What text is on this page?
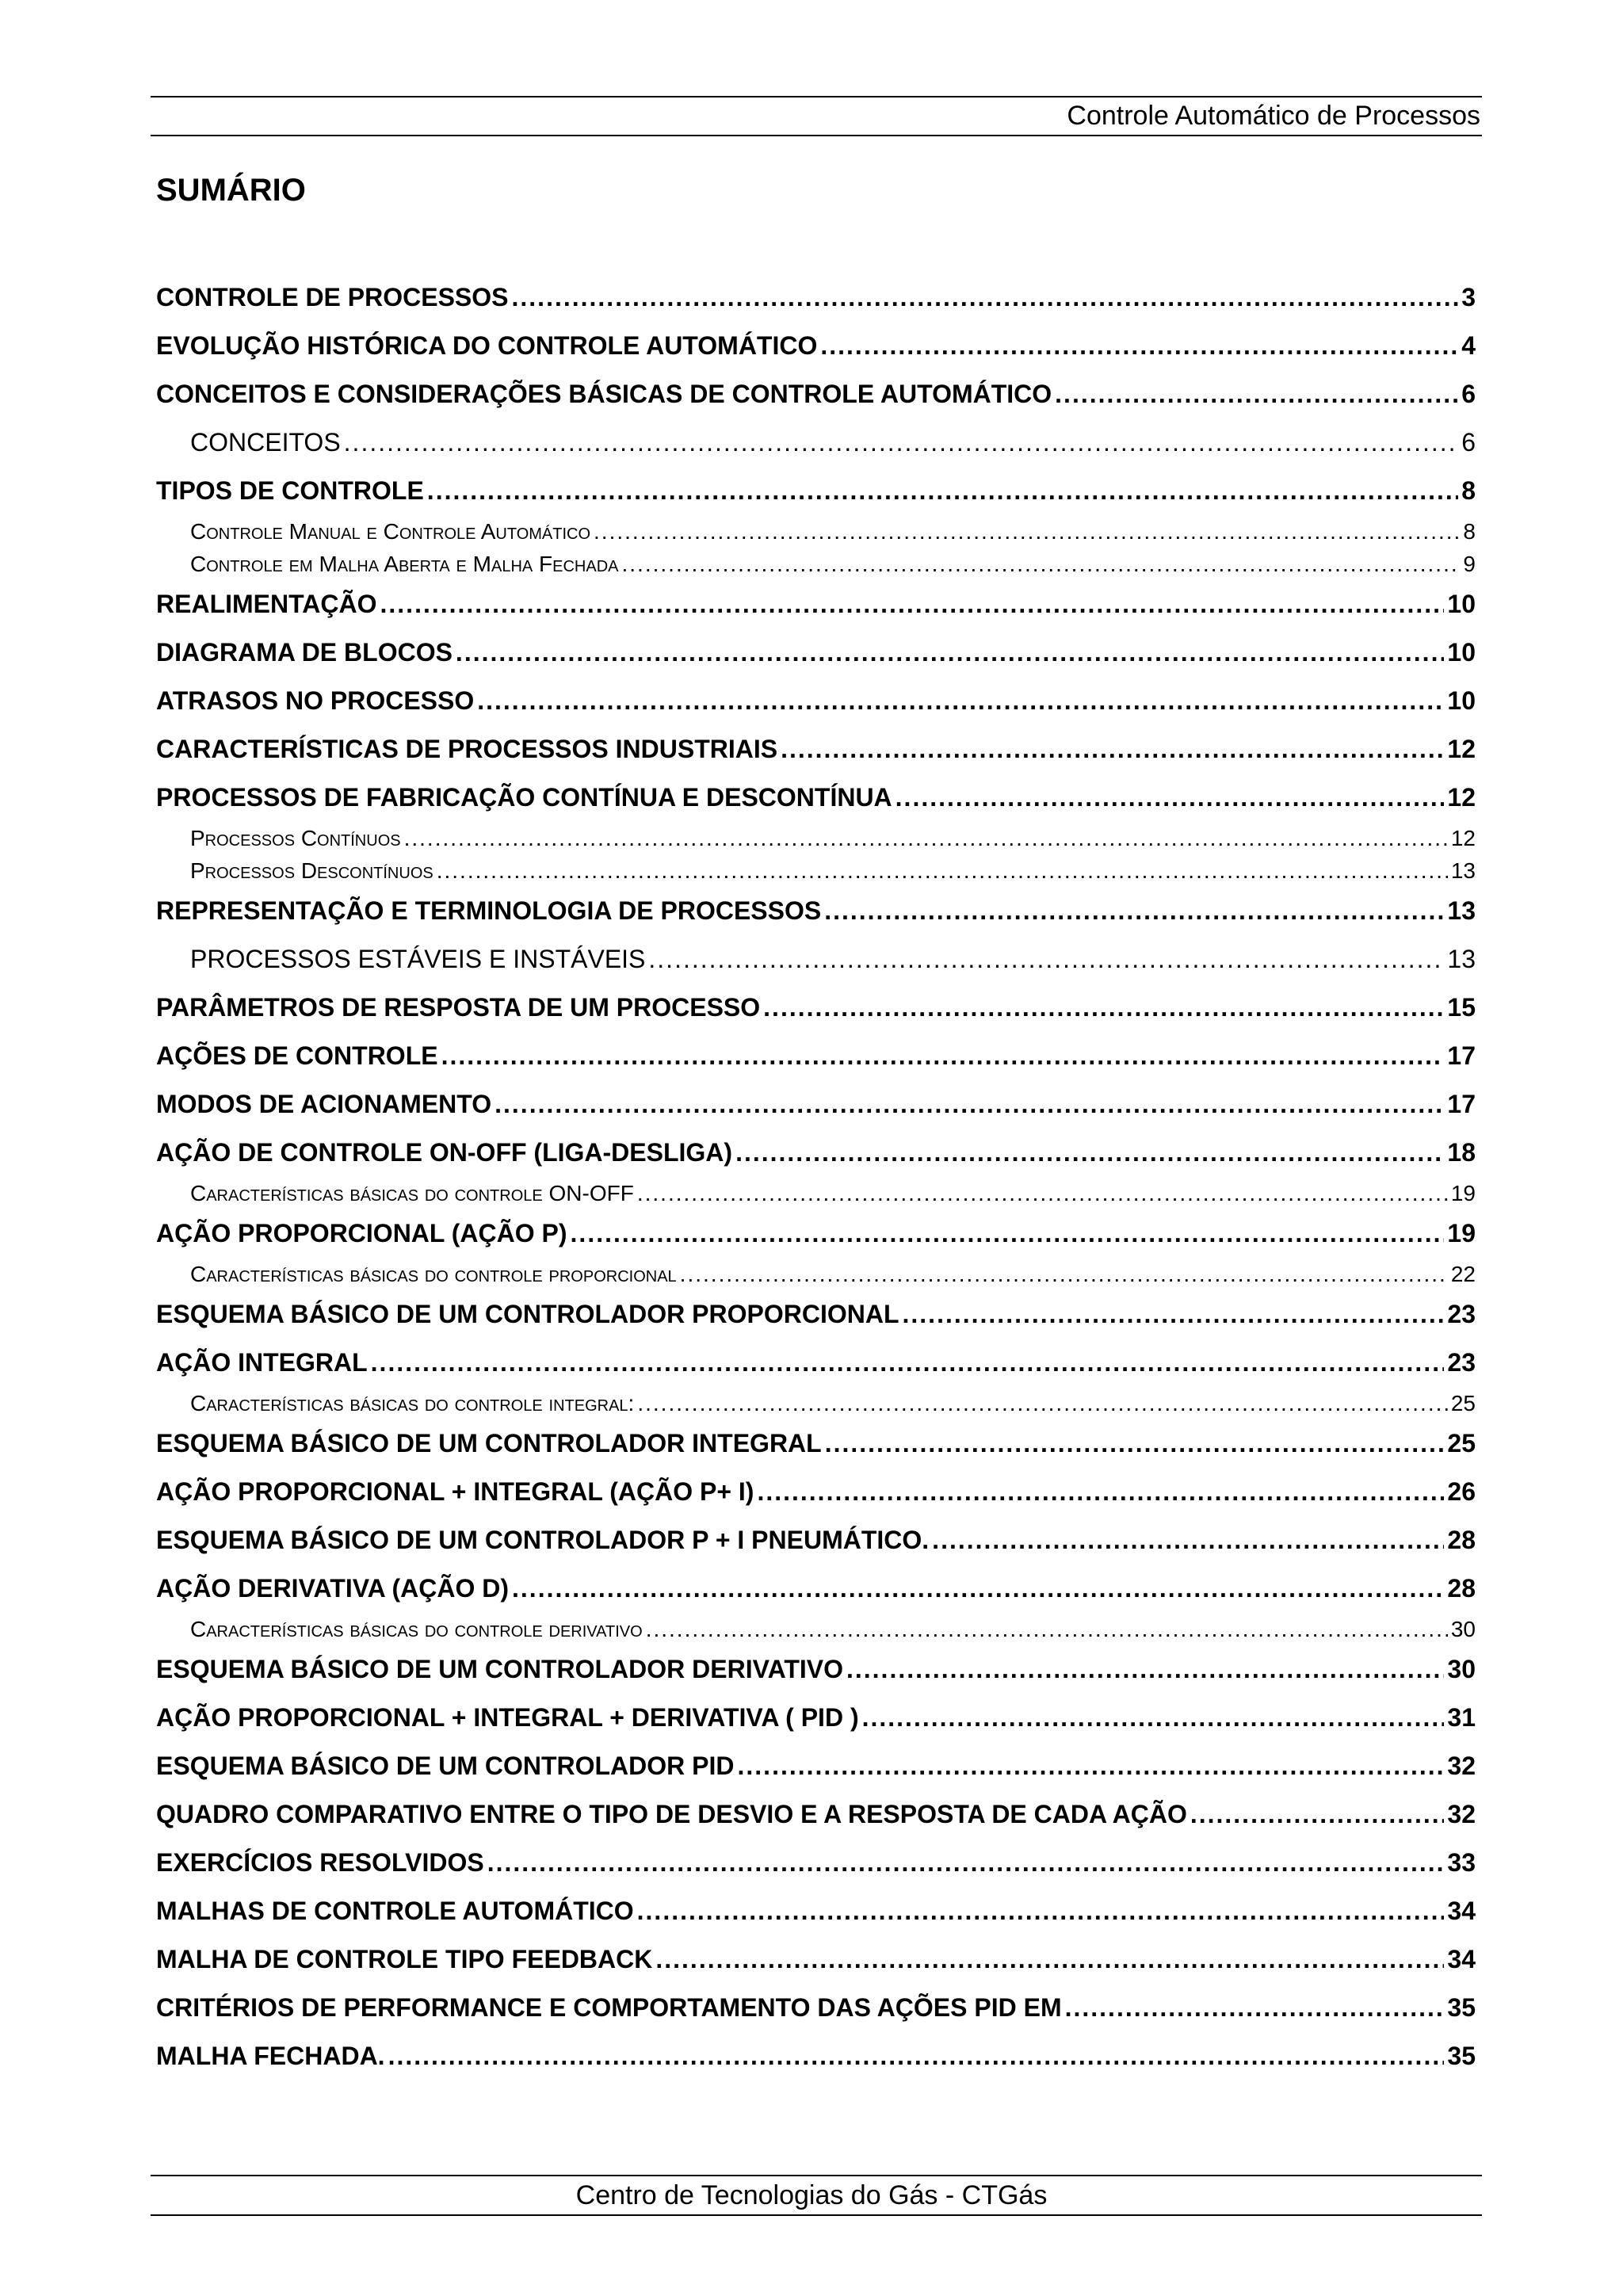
Controle Automático de Processos
SUMÁRIO
CONTROLE DE PROCESSOS .....	3
EVOLUÇÃO HISTÓRICA DO CONTROLE AUTOMÁTICO .....	4
CONCEITOS E CONSIDERAÇÕES BÁSICAS DE CONTROLE AUTOMÁTICO .....	6
CONCEITOS .....	6
TIPOS DE CONTROLE .....	8
Controle Manual e Controle Automático .....	8
Controle em Malha Aberta e Malha Fechada .....	9
REALIMENTAÇÃO .....	10
DIAGRAMA DE BLOCOS .....	10
ATRASOS NO PROCESSO .....	10
CARACTERÍSTICAS DE PROCESSOS INDUSTRIAIS .....	12
PROCESSOS DE FABRICAÇÃO CONTÍNUA E DESCONTÍNUA .....	12
Processos Contínuos .....	12
Processos Descontínuos .....	13
REPRESENTAÇÃO E TERMINOLOGIA DE PROCESSOS .....	13
PROCESSOS ESTÁVEIS E INSTÁVEIS .....	13
PARÂMETROS DE RESPOSTA DE UM PROCESSO .....	15
AÇÕES DE CONTROLE .....	17
MODOS DE ACIONAMENTO .....	17
AÇÃO DE CONTROLE ON-OFF (LIGA-DESLIGA) .....	18
Características básicas do controle ON-OFF .....	19
AÇÃO PROPORCIONAL (AÇÃO P) .....	19
Características básicas do controle proporcional .....	22
ESQUEMA BÁSICO DE UM CONTROLADOR PROPORCIONAL .....	23
AÇÃO INTEGRAL .....	23
Características básicas do controle integral: .....	25
ESQUEMA BÁSICO DE UM CONTROLADOR INTEGRAL .....	25
AÇÃO PROPORCIONAL + INTEGRAL (AÇÃO P+ I) .....	26
ESQUEMA BÁSICO DE UM CONTROLADOR P + I PNEUMÁTICO. .....	28
AÇÃO DERIVATIVA (AÇÃO D) .....	28
Características básicas do controle derivativo .....	30
ESQUEMA BÁSICO DE UM CONTROLADOR DERIVATIVO .....	30
AÇÃO PROPORCIONAL + INTEGRAL + DERIVATIVA ( PID ) .....	31
ESQUEMA BÁSICO DE UM CONTROLADOR PID .....	32
QUADRO COMPARATIVO ENTRE O TIPO DE DESVIO E A RESPOSTA DE CADA AÇÃO .....	32
EXERCÍCIOS RESOLVIDOS .....	33
MALHAS DE CONTROLE AUTOMÁTICO .....	34
MALHA DE CONTROLE TIPO FEEDBACK .....	34
CRITÉRIOS DE PERFORMANCE E COMPORTAMENTO DAS AÇÕES PID EM .....	35
MALHA FECHADA. .....	35
Centro de Tecnologias do Gás - CTGás
